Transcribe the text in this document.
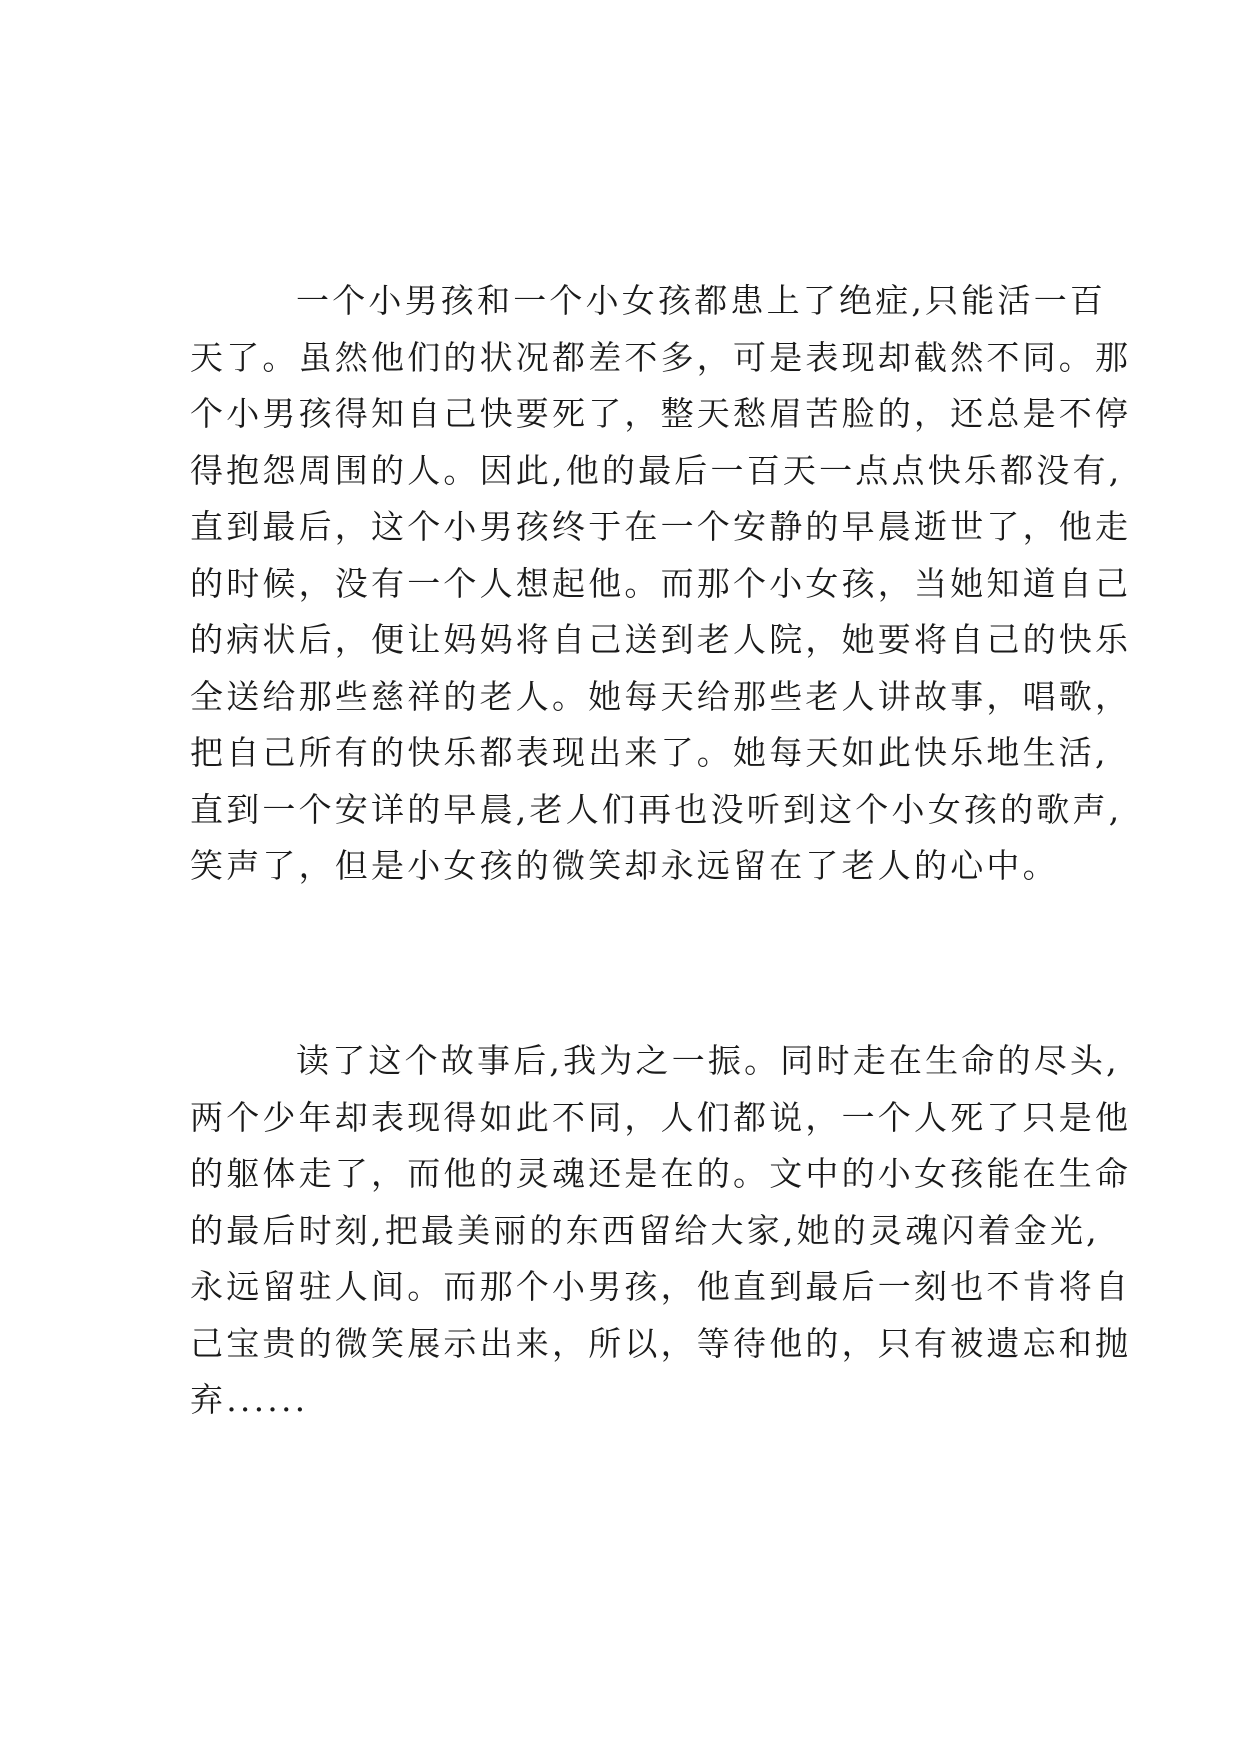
一个小男孩和一个小女孩都患上了绝症,只能活一百
天了。虽然他们的状况都差不多，可是表现却截然不同。那
个小男孩得知自己快要死了，整天愁眉苦脸的，还总是不停
得抱怨周围的人。因此,他的最后一百天一点点快乐都没有,
直到最后，这个小男孩终于在一个安静的早晨逝世了，他走
的时候，没有一个人想起他。而那个小女孩，当她知道自己
的病状后，便让妈妈将自己送到老人院，她要将自己的快乐
全送给那些慈祥的老人。她每天给那些老人讲故事，唱歌，
把自己所有的快乐都表现出来了。她每天如此快乐地生活,
直到一个安详的早晨,老人们再也没听到这个小女孩的歌声,
笑声了，但是小女孩的微笑却永远留在了老人的心中。
读了这个故事后,我为之一振。同时走在生命的尽头,
两个少年却表现得如此不同，人们都说，一个人死了只是他
的躯体走了，而他的灵魂还是在的。文中的小女孩能在生命
的最后时刻,把最美丽的东西留给大家,她的灵魂闪着金光,
永远留驻人间。而那个小男孩，他直到最后一刻也不肯将自
己宝贵的微笑展示出来，所以，等待他的，只有被遗忘和抛
弃......
